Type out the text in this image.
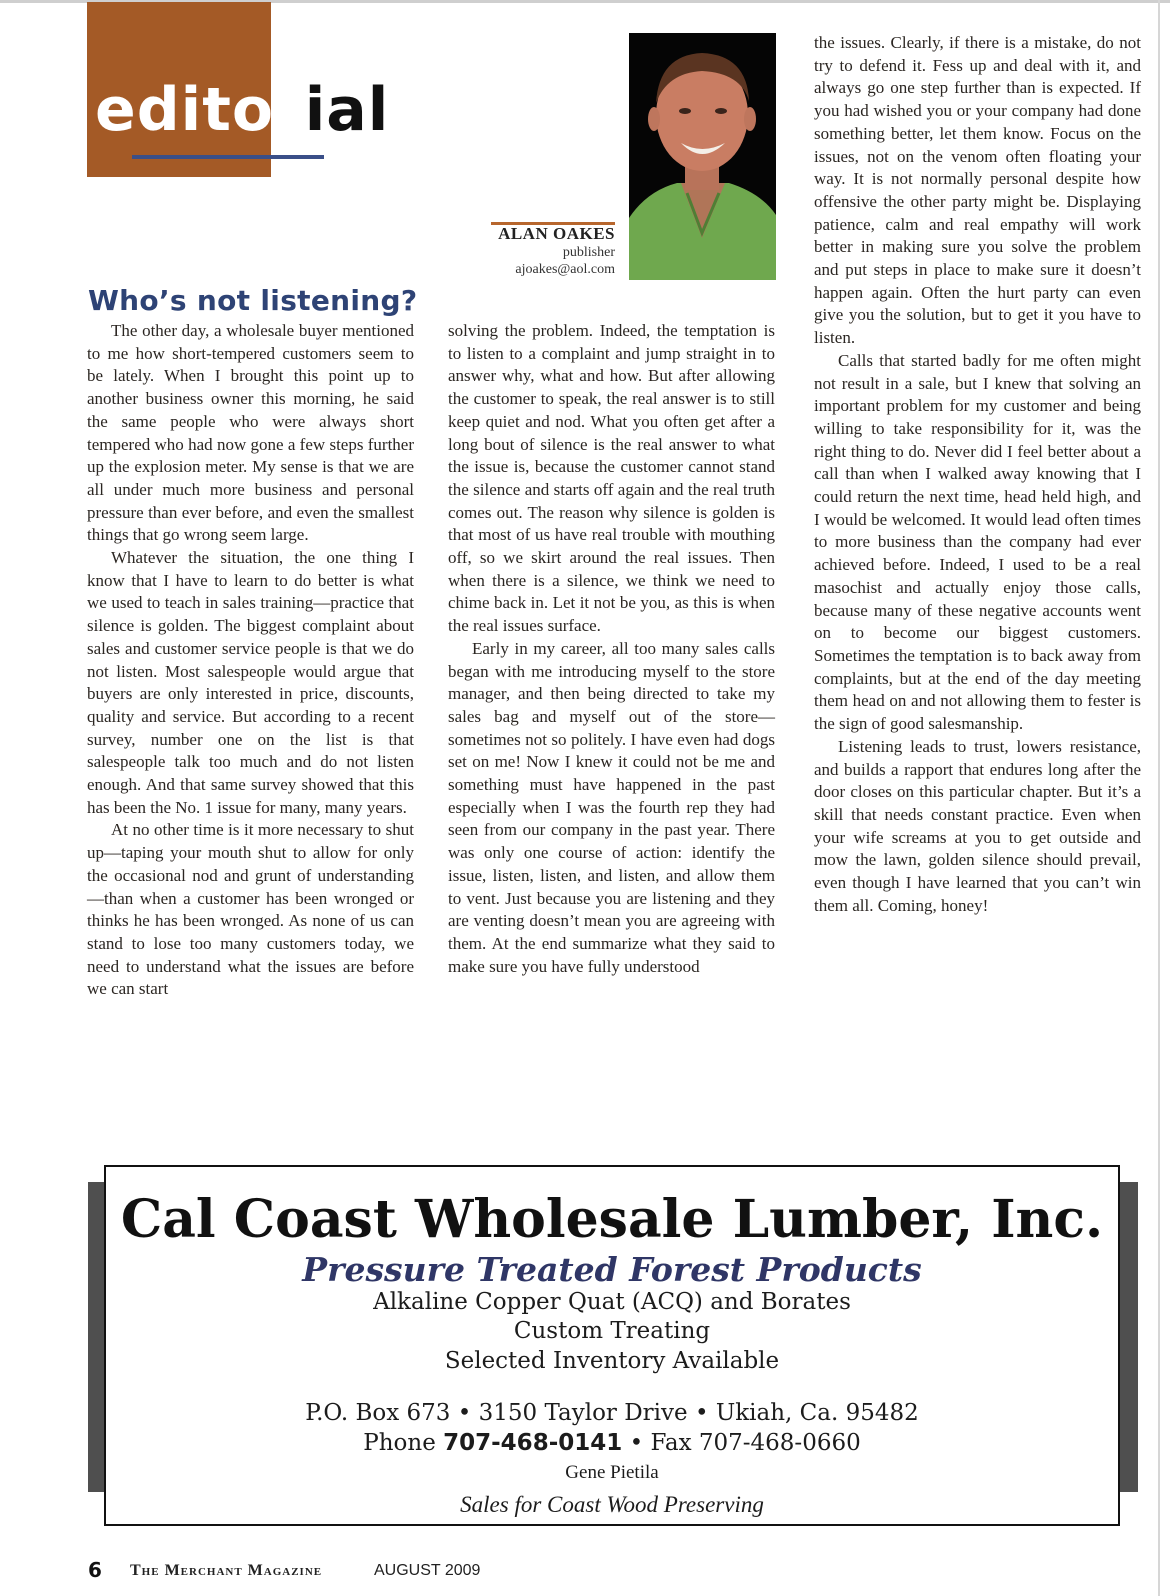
editorial

ALAN OAKES
publisher
ajoakes@aol.com
Who’s not listening?

The other day, a wholesale buyer mentioned to me how short-tempered customers seem to be lately. When I brought this point up to another business owner this morning, he said the same people who were always short tempered who had now gone a few steps further up the explosion meter. My sense is that we are all under much more business and personal pressure than ever before, and even the smallest things that go wrong seem large.

Whatever the situation, the one thing I know that I have to learn to do better is what we used to teach in sales training—practice that silence is golden. The biggest complaint about sales and customer service people is that we do not listen. Most salespeople would argue that buyers are only interested in price, discounts, quality and service. But according to a recent survey, number one on the list is that salespeople talk too much and do not listen enough. And that same survey showed that this has been the No. 1 issue for many, many years.

At no other time is it more necessary to shut up—taping your mouth shut to allow for only the occasional nod and grunt of understanding—than when a customer has been wronged or thinks he has been wronged. As none of us can stand to lose too many customers today, we need to understand what the issues are before we can start

solving the problem. Indeed, the temptation is to listen to a complaint and jump straight in to answer why, what and how. But after allowing the customer to speak, the real answer is to still keep quiet and nod. What you often get after a long bout of silence is the real answer to what the issue is, because the customer cannot stand the silence and starts off again and the real truth comes out. The reason why silence is golden is that most of us have real trouble with mouthing off, so we skirt around the real issues. Then when there is a silence, we think we need to chime back in. Let it not be you, as this is when the real issues surface.

Early in my career, all too many sales calls began with me introducing myself to the store manager, and then being directed to take my sales bag and myself out of the store—sometimes not so politely. I have even had dogs set on me! Now I knew it could not be me and something must have happened in the past especially when I was the fourth rep they had seen from our company in the past year. There was only one course of action: identify the issue, listen, listen, and listen, and allow them to vent. Just because you are listening and they are venting doesn’t mean you are agreeing with them. At the end summarize what they said to make sure you have fully understood

the issues. Clearly, if there is a mistake, do not try to defend it. Fess up and deal with it, and always go one step further than is expected. If you had wished you or your company had done something better, let them know. Focus on the issues, not on the venom often floating your way. It is not normally personal despite how offensive the other party might be. Displaying patience, calm and real empathy will work better in making sure you solve the problem and put steps in place to make sure it doesn’t happen again. Often the hurt party can even give you the solution, but to get it you have to listen.

Calls that started badly for me often might not result in a sale, but I knew that solving an important problem for my customer and being willing to take responsibility for it, was the right thing to do. Never did I feel better about a call than when I walked away knowing that I could return the next time, head held high, and I would be welcomed. It would lead often times to more business than the company had ever achieved before. Indeed, I used to be a real masochist and actually enjoy those calls, because many of these negative accounts went on to become our biggest customers. Sometimes the temptation is to back away from complaints, but at the end of the day meeting them head on and not allowing them to fester is the sign of good salesmanship.

Listening leads to trust, lowers resistance, and builds a rapport that endures long after the door closes on this particular chapter. But it’s a skill that needs constant practice. Even when your wife screams at you to get outside and mow the lawn, golden silence should prevail, even though I have learned that you can’t win them all. Coming, honey!

Cal Coast Wholesale Lumber, Inc.

Pressure Treated Forest Products

Alkaline Copper Quat (ACQ) and Borates

Custom Treating

Selected Inventory Available

P.O. Box 673 • 3150 Taylor Drive • Ukiah, Ca. 95482

Phone 707-468-0141 • Fax 707-468-0660

Gene Pietila

Sales for Coast Wood Preserving

6 The Merchant Magazine	AUGUST 2009
